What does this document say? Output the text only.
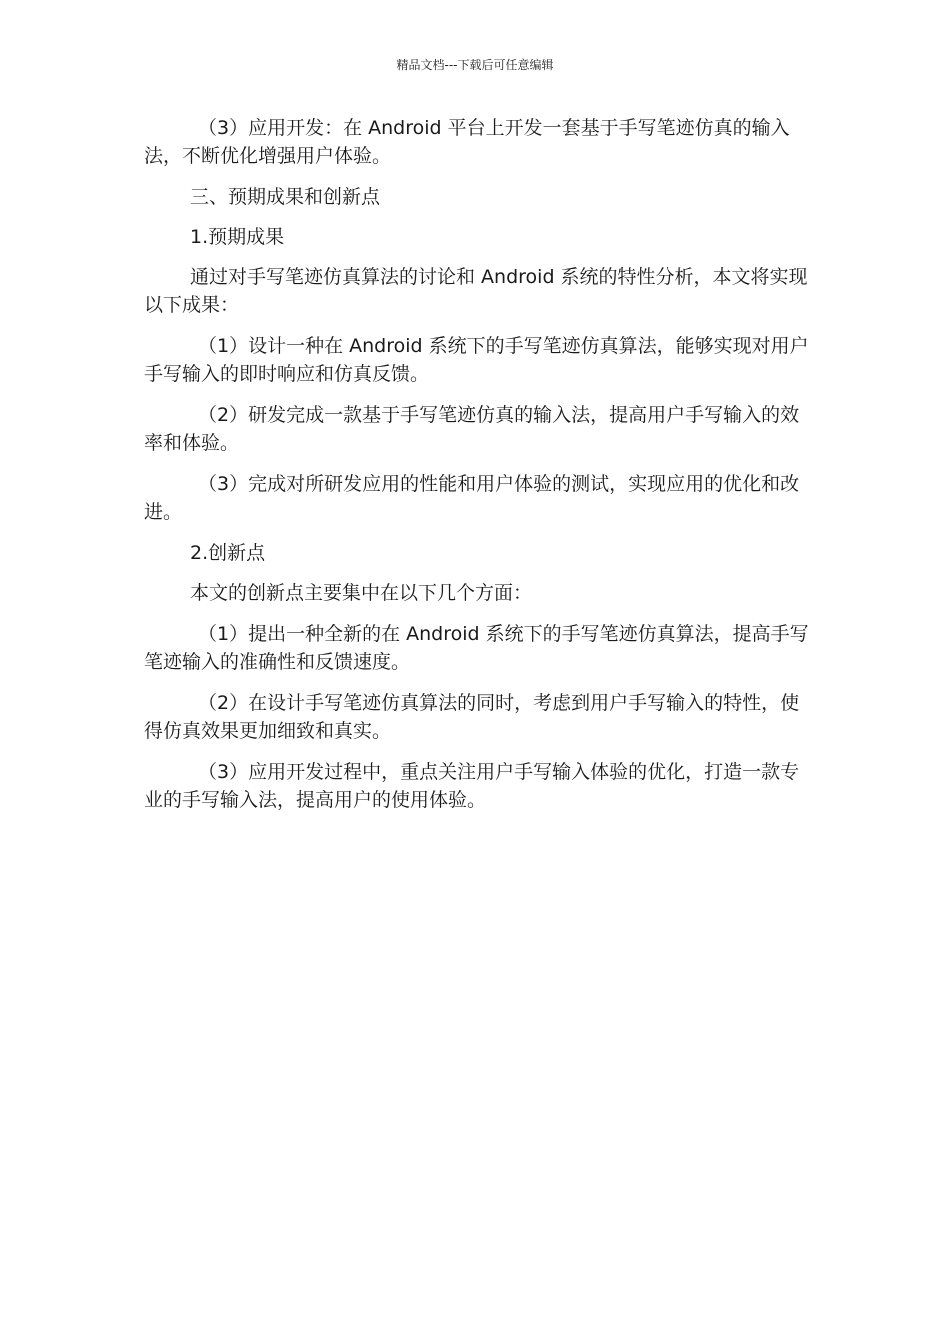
精品文档---下载后可任意编辑

（3）应用开发：在 Android 平台上开发一套基于手写笔迹仿真的输入法，不断优化增强用户体验。

三、预期成果和创新点

1.预期成果

通过对手写笔迹仿真算法的讨论和 Android 系统的特性分析，本文将实现以下成果：

（1）设计一种在 Android 系统下的手写笔迹仿真算法，能够实现对用户手写输入的即时响应和仿真反馈。

（2）研发完成一款基于手写笔迹仿真的输入法，提高用户手写输入的效率和体验。

（3）完成对所研发应用的性能和用户体验的测试，实现应用的优化和改进。

2.创新点

本文的创新点主要集中在以下几个方面：

（1）提出一种全新的在 Android 系统下的手写笔迹仿真算法，提高手写笔迹输入的准确性和反馈速度。

（2）在设计手写笔迹仿真算法的同时，考虑到用户手写输入的特性，使得仿真效果更加细致和真实。

（3）应用开发过程中，重点关注用户手写输入体验的优化，打造一款专业的手写输入法，提高用户的使用体验。
